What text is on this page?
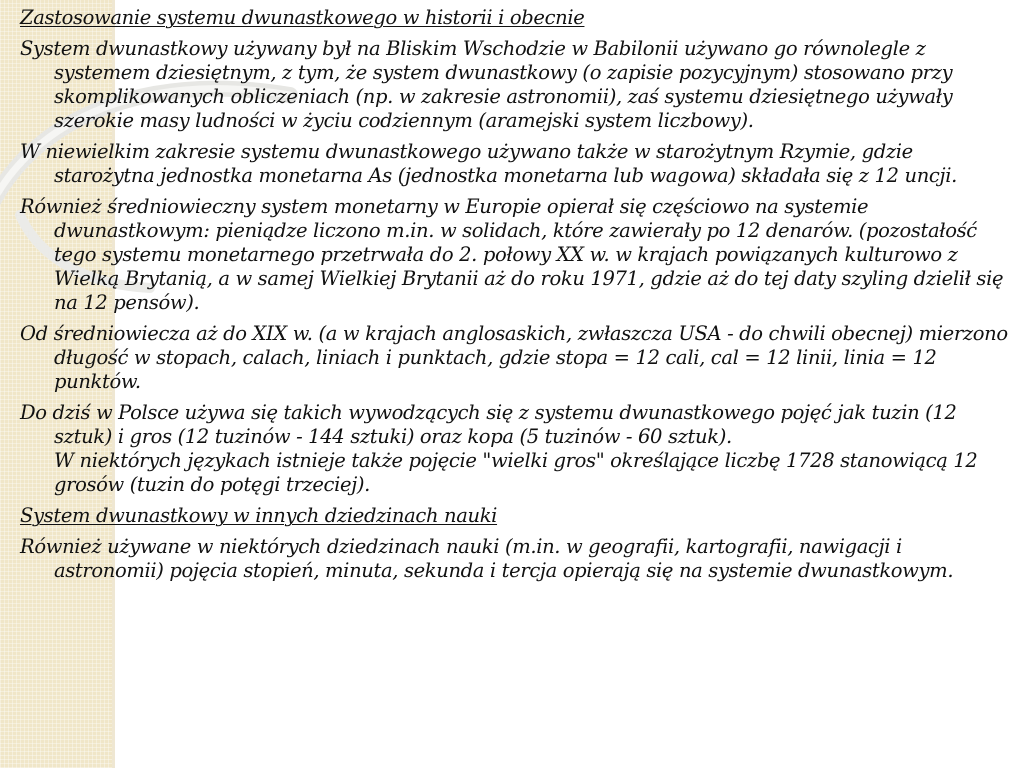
Zastosowanie systemu dwunastkowego w historii i obecnie

System dwunastkowy używany był na Bliskim Wschodzie w Babilonii używano go równolegle z systemem dziesiętnym, z tym, że system dwunastkowy (o zapisie pozycyjnym) stosowano przy skomplikowanych obliczeniach (np. w zakresie astronomii), zaś systemu dziesiętnego używały szerokie masy ludności w życiu codziennym (aramejski system liczbowy).

W niewielkim zakresie systemu dwunastkowego używano także w starożytnym Rzymie, gdzie starożytna jednostka monetarna As (jednostka monetarna lub wagowa) składała się z 12 uncji.

Również średniowieczny system monetarny w Europie opierał się częściowo na systemie dwunastkowym: pieniądze liczono m.in. w solidach, które zawierały po 12 denarów. (pozostałość tego systemu monetarnego przetrwała do 2. połowy XX w. w krajach powiązanych kulturowo z Wielką Brytanią, a w samej Wielkiej Brytanii aż do roku 1971, gdzie aż do tej daty szyling dzielił się na 12 pensów).

Od średniowiecza aż do XIX w. (a w krajach anglosaskich, zwłaszcza USA - do chwili obecnej) mierzono długość w stopach, calach, liniach i punktach, gdzie stopa = 12 cali, cal = 12 linii, linia = 12 punktów.

Do dziś w Polsce używa się takich wywodzących się z systemu dwunastkowego pojęć jak tuzin (12 sztuk) i gros (12 tuzinów - 144 sztuki) oraz kopa (5 tuzinów - 60 sztuk).
W niektórych językach istnieje także pojęcie "wielki gros" określające liczbę 1728 stanowiącą 12 grosów (tuzin do potęgi trzeciej).

System dwunastkowy w innych dziedzinach nauki

Również używane w niektórych dziedzinach nauki (m.in. w geografii, kartografii, nawigacji i astronomii) pojęcia stopień, minuta, sekunda i tercja opierają się na systemie dwunastkowym.
